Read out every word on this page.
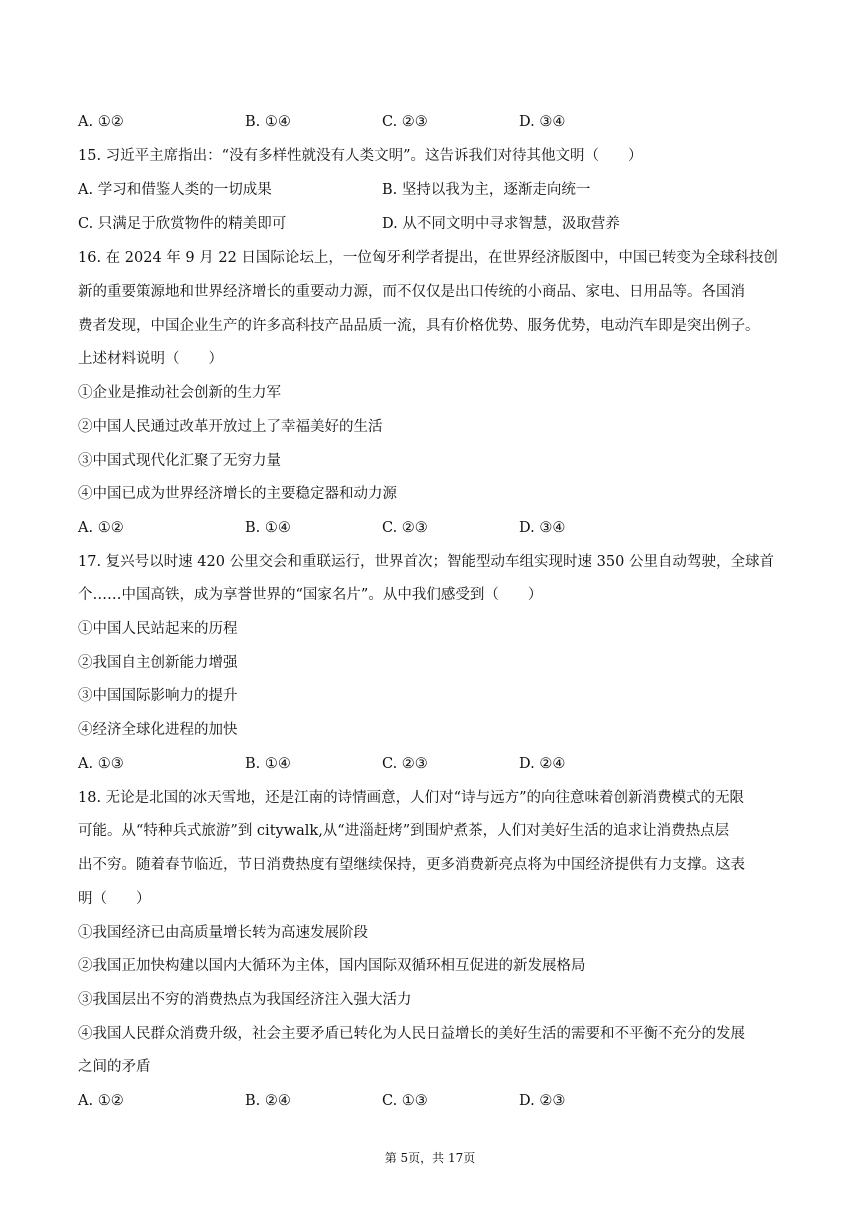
A. ①②	B. ①④	C. ②③	D. ③④
15. 习近平主席指出：“没有多样性就没有人类文明”。这告诉我们对待其他文明（　　）
A. 学习和借鉴人类的一切成果	B. 坚持以我为主，逐渐走向统一
C. 只满足于欣赏物件的精美即可	D. 从不同文明中寻求智慧，汲取营养
16. 在 2024 年 9 月 22 日国际论坛上，一位匈牙利学者提出，在世界经济版图中，中国已转变为全球科技创
新的重要策源地和世界经济增长的重要动力源，而不仅仅是出口传统的小商品、家电、日用品等。各国消
费者发现，中国企业生产的许多高科技产品品质一流，具有价格优势、服务优势，电动汽车即是突出例子。
上述材料说明（　　）
①企业是推动社会创新的生力军
②中国人民通过改革开放过上了幸福美好的生活
③中国式现代化汇聚了无穷力量
④中国已成为世界经济增长的主要稳定器和动力源
A. ①②	B. ①④	C. ②③	D. ③④
17. 复兴号以时速 420 公里交会和重联运行，世界首次；智能型动车组实现时速 350 公里自动驾驶，全球首
个……中国高铁，成为享誉世界的“国家名片”。从中我们感受到（　　）
①中国人民站起来的历程
②我国自主创新能力增强
③中国国际影响力的提升
④经济全球化进程的加快
A. ①③	B. ①④	C. ②③	D. ②④
18. 无论是北国的冰天雪地，还是江南的诗情画意，人们对“诗与远方”的向往意味着创新消费模式的无限
可能。从“特种兵式旅游”到 citywalk,从“进淄赶烤”到围炉煮茶，人们对美好生活的追求让消费热点层
出不穷。随着春节临近，节日消费热度有望继续保持，更多消费新亮点将为中国经济提供有力支撑。这表
明（　　）
①我国经济已由高质量增长转为高速发展阶段
②我国正加快构建以国内大循环为主体，国内国际双循环相互促进的新发展格局
③我国层出不穷的消费热点为我国经济注入强大活力
④我国人民群众消费升级，社会主要矛盾已转化为人民日益增长的美好生活的需要和不平衡不充分的发展
之间的矛盾
A. ①②	B. ②④	C. ①③	D. ②③
第 5页，共 17页
